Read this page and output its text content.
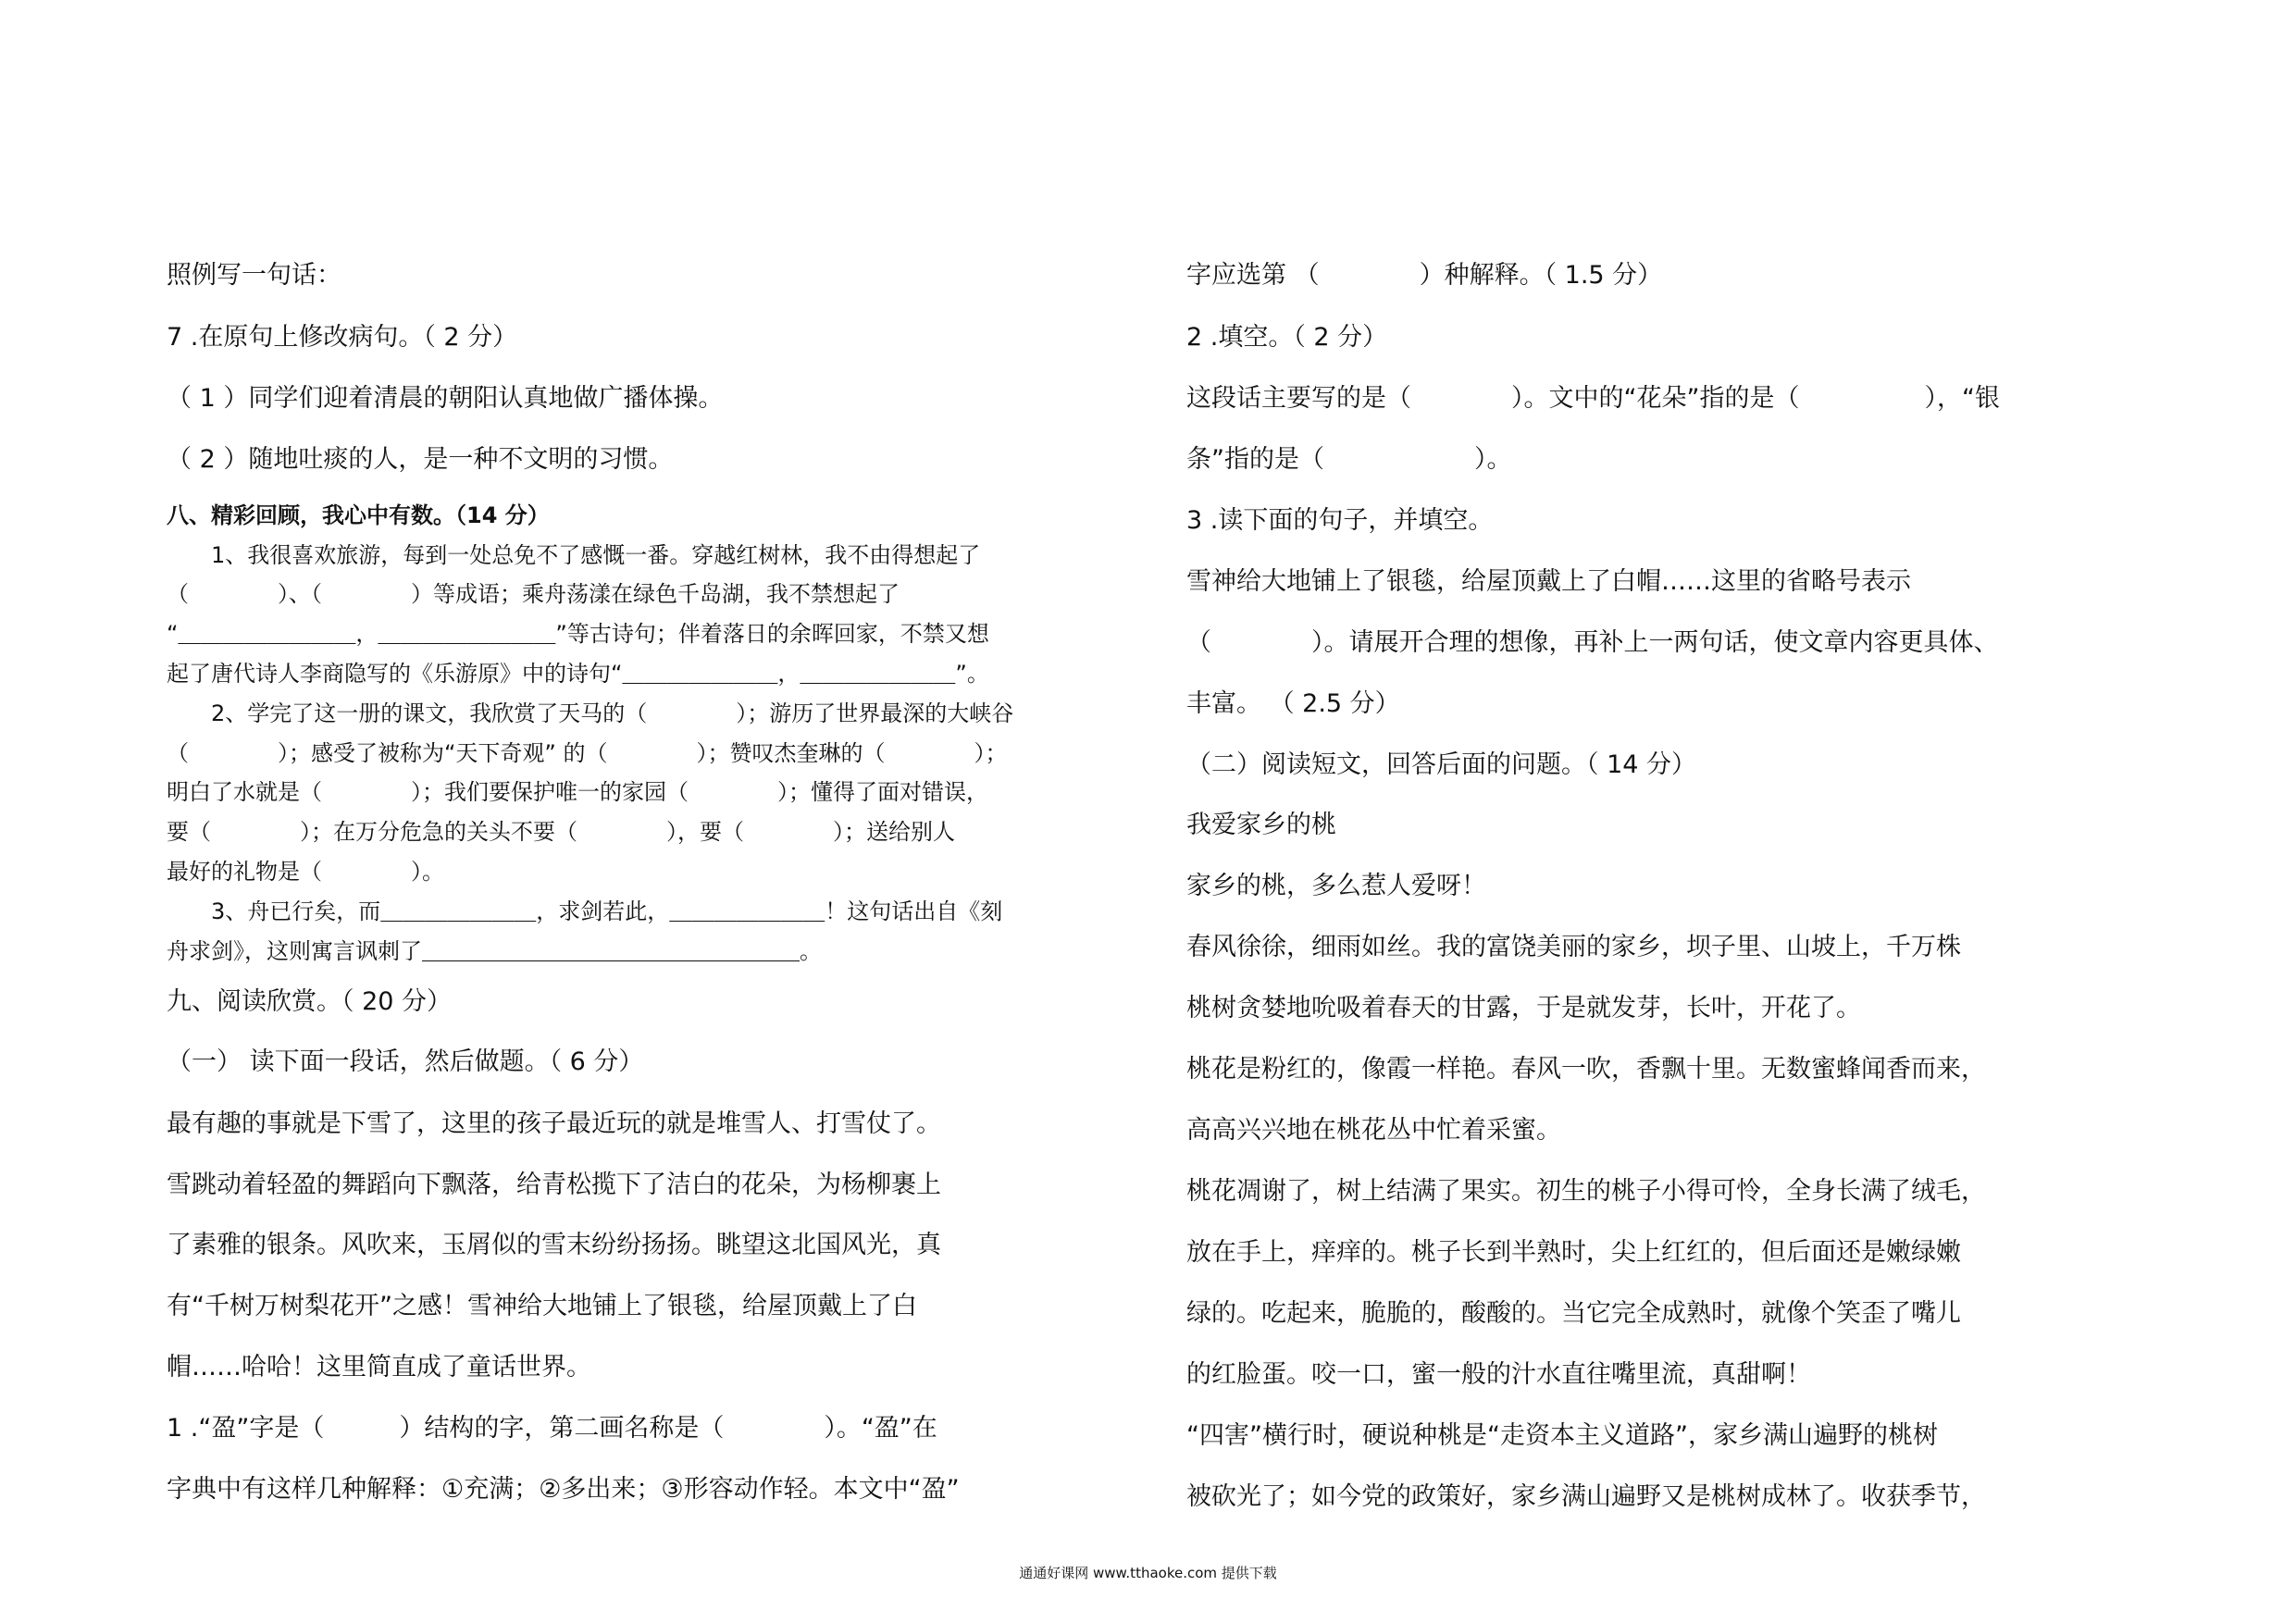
照例写一句话：
7 .在原句上修改病句。（ 2 分）
（ 1 ）同学们迎着清晨的朝阳认真地做广播体操。
（ 2 ）随地吐痰的人，是一种不文明的习惯。
八、精彩回顾，我心中有数。（14 分）
　　1、我很喜欢旅游，每到一处总免不了感慨一番。穿越红树林，我不由得想起了
（　　　　）、（　　　　）等成语；乘舟荡漾在绿色千岛湖，我不禁想起了
“＿＿＿＿＿＿＿＿，＿＿＿＿＿＿＿＿”等古诗句；伴着落日的余晖回家，不禁又想
起了唐代诗人李商隐写的《乐游原》中的诗句“＿＿＿＿＿＿＿，＿＿＿＿＿＿＿”。
　　2、学完了这一册的课文，我欣赏了天马的（　　　　）；游历了世界最深的大峡谷
（　　　　）；感受了被称为“天下奇观” 的（　　　　）；赞叹杰奎琳的（　　　　）；
明白了水就是（　　　　）；我们要保护唯一的家园（　　　　）；懂得了面对错误，
要（　　　　）；在万分危急的关头不要（　　　　），要（　　　　）；送给别人
最好的礼物是（　　　　）。
　　3、舟已行矣，而＿＿＿＿＿＿＿，求剑若此，＿＿＿＿＿＿＿！这句话出自《刻
舟求剑》，这则寓言讽刺了＿＿＿＿＿＿＿＿＿＿＿＿＿＿＿＿＿。
九、阅读欣赏。（ 20 分）
（一） 读下面一段话，然后做题。（ 6 分）
最有趣的事就是下雪了，这里的孩子最近玩的就是堆雪人、打雪仗了。
雪跳动着轻盈的舞蹈向下飘落，给青松揽下了洁白的花朵，为杨柳裹上
了素雅的银条。风吹来，玉屑似的雪末纷纷扬扬。眺望这北国风光，真
有“千树万树梨花开”之感！雪神给大地铺上了银毯，给屋顶戴上了白
帽……哈哈！这里简直成了童话世界。
1 .“盈”字是（　　　）结构的字，第二画名称是（　　　　）。“盈”在
字典中有这样几种解释：①充满；②多出来；③形容动作轻。本文中“盈”
字应选第 （　　　　）种解释。（ 1.5 分）
2 .填空。（ 2 分）
这段话主要写的是（　　　　）。文中的“花朵”指的是（　　　　　），“银
条”指的是（　　　　　　）。
3 .读下面的句子，并填空。
雪神给大地铺上了银毯，给屋顶戴上了白帽……这里的省略号表示
（　　　　）。请展开合理的想像，再补上一两句话，使文章内容更具体、
丰富。 （ 2.5 分）
（二）阅读短文，回答后面的问题。（ 14 分）
我爱家乡的桃
家乡的桃，多么惹人爱呀！
春风徐徐，细雨如丝。我的富饶美丽的家乡，坝子里、山坡上，千万株
桃树贪婪地吮吸着春天的甘露，于是就发芽，长叶，开花了。
桃花是粉红的，像霞一样艳。春风一吹，香飘十里。无数蜜蜂闻香而来，
高高兴兴地在桃花丛中忙着采蜜。
桃花凋谢了，树上结满了果实。初生的桃子小得可怜，全身长满了绒毛，
放在手上，痒痒的。桃子长到半熟时，尖上红红的，但后面还是嫩绿嫩
绿的。吃起来，脆脆的，酸酸的。当它完全成熟时，就像个笑歪了嘴儿
的红脸蛋。咬一口，蜜一般的汁水直往嘴里流，真甜啊！
“四害”横行时，硬说种桃是“走资本主义道路”，家乡满山遍野的桃树
被砍光了；如今党的政策好，家乡满山遍野又是桃树成林了。收获季节，
通通好课网 www.tthaoke.com 提供下载
